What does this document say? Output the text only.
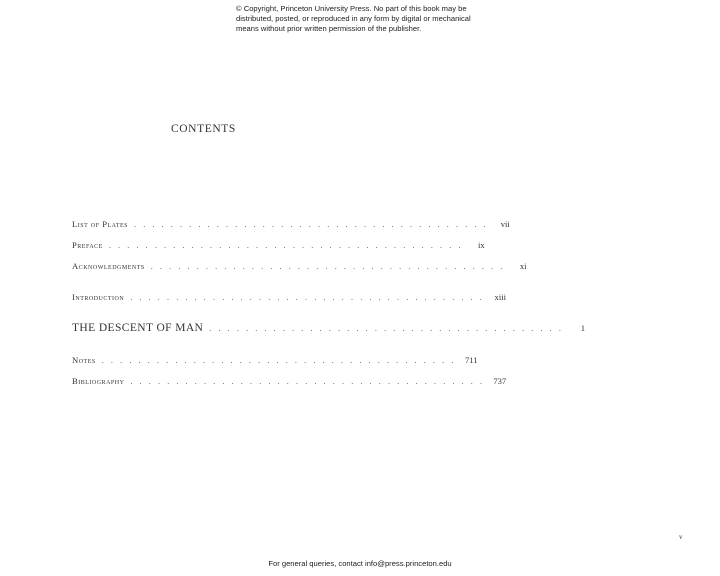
© Copyright, Princeton University Press. No part of this book may be
distributed, posted, or reproduced in any form by digital or mechanical
means without prior written permission of the publisher.
CONTENTS
List of Plates ....................................... vii
Preface .......................................	ix
Acknowledgments .......................................	xi
Introduction ....................................... xiii
THE DESCENT OF MAN .......................................	1
Notes ....................................... 711
Bibliography ....................................... 737
v
For general queries, contact info@press.princeton.edu
